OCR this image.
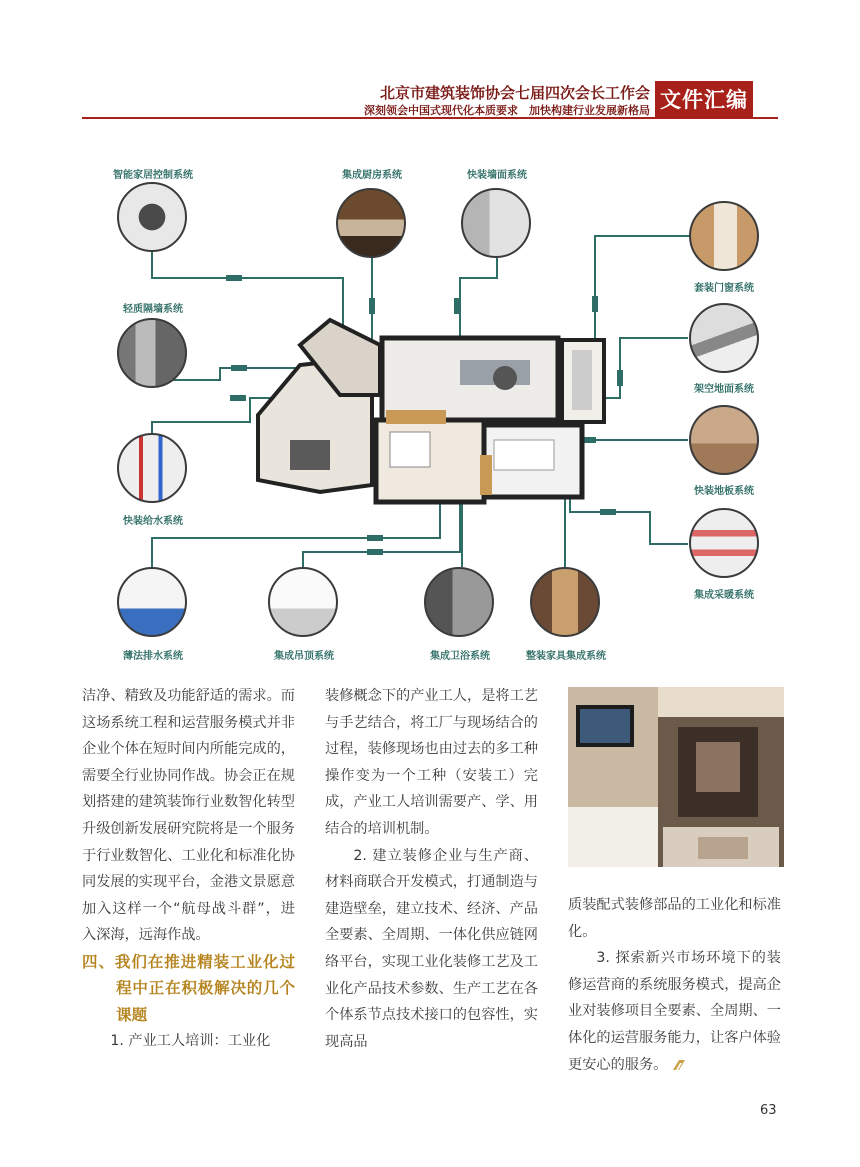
北京市建筑装饰协会七届四次会长工作会
深刻领会中国式现代化本质要求　加快构建行业发展新格局 文件汇编
智能家居控制系统	集成厨房系统	快装墙面系统
套装门窗系统
轻质隔墙系统
架空地面系统
快装地板系统
快装给水系统
集成采暖系统
薄法排水系统	集成吊顶系统	集成卫浴系统	整装家具集成系统

洁净、精致及功能舒适的需求。而这场系统工程和运营服务模式并非企业个体在短时间内所能完成的，需要全行业协同作战。协会正在规划搭建的建筑装饰行业数智化转型升级创新发展研究院将是一个服务于行业数智化、工业化和标准化协同发展的实现平台，金港文景愿意加入这样一个“航母战斗群”，进入深海，远海作战。

四、我们在推进精装工业化过程中正在积极解决的几个课题

1. 产业工人培训：工业化

装修概念下的产业工人，是将工艺与手艺结合，将工厂与现场结合的过程，装修现场也由过去的多工种操作变为一个工种（安装工）完成，产业工人培训需要产、学、用结合的培训机制。

2. 建立装修企业与生产商、材料商联合开发模式，打通制造与建造壁垒，建立技术、经济、产品全要素、全周期、一体化供应链网络平台，实现工业化装修工艺及工业化产品技术参数、生产工艺在各个体系节点技术接口的包容性，实现高品

质装配式装修部品的工业化和标准化。

3. 探索新兴市场环境下的装修运营商的系统服务模式，提高企业对装修项目全要素、全周期、一体化的运营服务能力，让客户体验更安心的服务。

63
